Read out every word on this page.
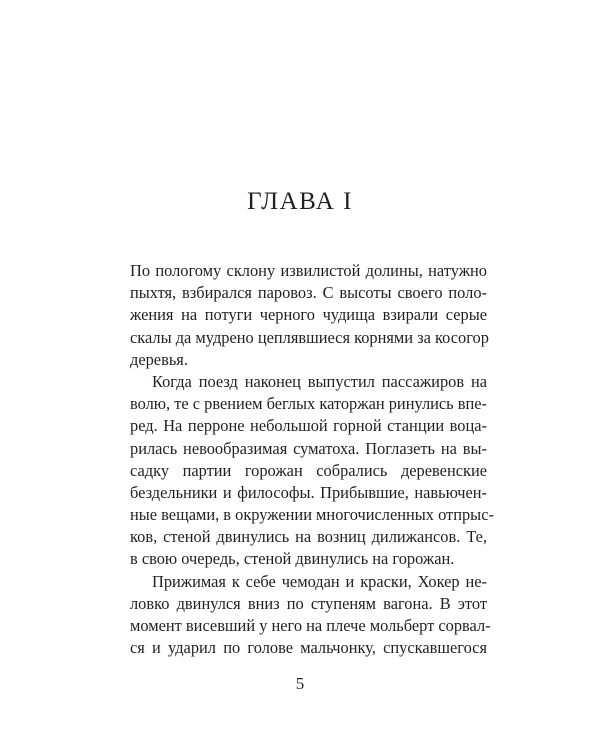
ГЛАВА I
По пологому склону извилистой долины, натужно
пыхтя, взбирался паровоз. С высоты своего поло-
жения на потуги черного чудища взирали серые
скалы да мудрено цеплявшиеся корнями за косогор
деревья.
Когда поезд наконец выпустил пассажиров на
волю, те с рвением беглых каторжан ринулись впе-
ред. На перроне небольшой горной станции воца-
рилась невообразимая суматоха. Поглазеть на вы-
садку партии горожан собрались деревенские
бездельники и философы. Прибывшие, навьючен-
ные вещами, в окружении многочисленных отпрыс-
ков, стеной двинулись на возниц дилижансов. Те,
в свою очередь, стеной двинулись на горожан.
Прижимая к себе чемодан и краски, Хокер не-
ловко двинулся вниз по ступеням вагона. В этот
момент висевший у него на плече мольберт сорвал-
ся и ударил по голове мальчонку, спускавшегося

5
